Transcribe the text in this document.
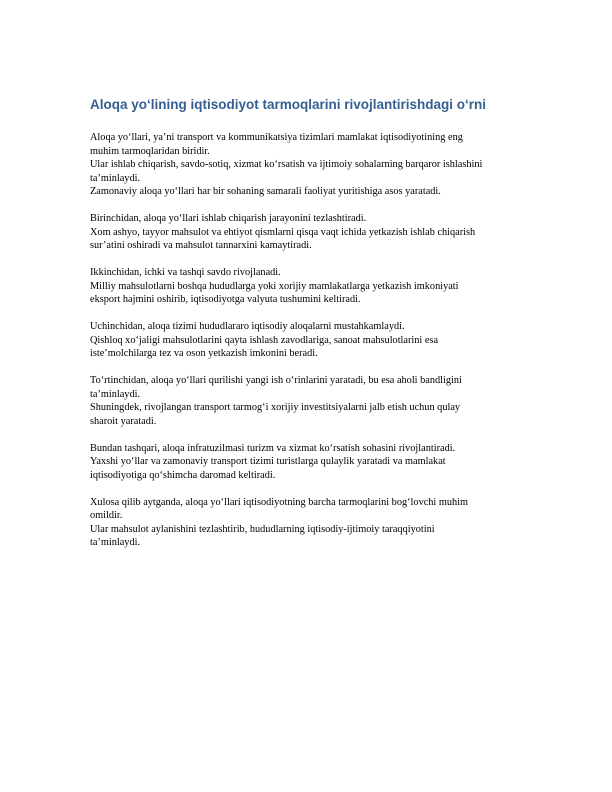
Aloqa yo‘lining iqtisodiyot tarmoqlarini rivojlantirishdagi o‘rni

Aloqa yo‘llari, ya’ni transport va kommunikatsiya tizimlari mamlakat iqtisodiyotining eng
muhim tarmoqlaridan biridir.
Ular ishlab chiqarish, savdo-sotiq, xizmat ko‘rsatish va ijtimoiy sohalarning barqaror ishlashini
ta’minlaydi.
Zamonaviy aloqa yo‘llari har bir sohaning samarali faoliyat yuritishiga asos yaratadi.

Birinchidan, aloqa yo‘llari ishlab chiqarish jarayonini tezlashtiradi.
Xom ashyo, tayyor mahsulot va ehtiyot qismlarni qisqa vaqt ichida yetkazish ishlab chiqarish
sur’atini oshiradi va mahsulot tannarxini kamaytiradi.

Ikkinchidan, ichki va tashqi savdo rivojlanadi.
Milliy mahsulotlarni boshqa hududlarga yoki xorijiy mamlakatlarga yetkazish imkoniyati
eksport hajmini oshirib, iqtisodiyotga valyuta tushumini keltiradi.

Uchinchidan, aloqa tizimi hududlararo iqtisodiy aloqalarni mustahkamlaydi.
Qishloq xo‘jaligi mahsulotlarini qayta ishlash zavodlariga, sanoat mahsulotlarini esa
iste’molchilarga tez va oson yetkazish imkonini beradi.

To‘rtinchidan, aloqa yo‘llari qurilishi yangi ish o‘rinlarini yaratadi, bu esa aholi bandligini
ta’minlaydi.
Shuningdek, rivojlangan transport tarmog‘i xorijiy investitsiyalarni jalb etish uchun qulay
sharoit yaratadi.

Bundan tashqari, aloqa infratuzilmasi turizm va xizmat ko‘rsatish sohasini rivojlantiradi.
Yaxshi yo‘llar va zamonaviy transport tizimi turistlarga qulaylik yaratadi va mamlakat
iqtisodiyotiga qo‘shimcha daromad keltiradi.

Xulosa qilib aytganda, aloqa yo‘llari iqtisodiyotning barcha tarmoqlarini bog‘lovchi muhim
omildir.
Ular mahsulot aylanishini tezlashtirib, hududlarning iqtisodiy-ijtimoiy taraqqiyotini
ta’minlaydi.
